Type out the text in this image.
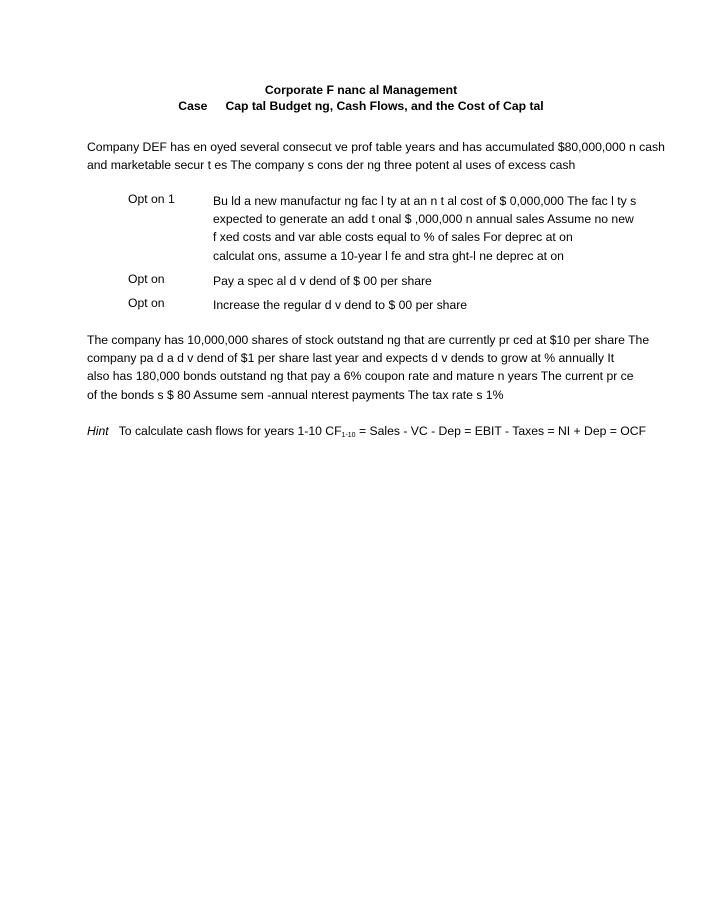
Corporate F nanc al Management
Case Cap tal Budget ng, Cash Flows, and the Cost of Cap tal
Company DEF has en oyed several consecut ve prof table years and has accumulated $80,000,000 n cash
and marketable secur t es The company s cons der ng three potent al uses of excess cash
Opt on 1	Bu ld a new manufactur ng fac l ty at an n t al cost of $ 0,000,000 The fac l ty s
expected to generate an add t onal $ ,000,000 n annual sales Assume no new
f xed costs and var able costs equal to % of sales For deprec at on
calculat ons, assume a 10-year l fe and stra ght-l ne deprec at on
Opt on	Pay a spec al d v dend of $ 00 per share
Opt on	Increase the regular d v dend to $ 00 per share
The company has 10,000,000 shares of stock outstand ng that are currently pr ced at $10 per share The
company pa d a d v dend of $1 per share last year and expects d v dends to grow at % annually It
also has 180,000 bonds outstand ng that pay a 6% coupon rate and mature n years The current pr ce
of the bonds s $ 80 Assume sem -annual nterest payments The tax rate s 1%
Hint To calculate cash flows for years 1-10 $CF_{1-10}$ = Sales - VC - Dep = EBIT - Taxes = NI + Dep = OCF
